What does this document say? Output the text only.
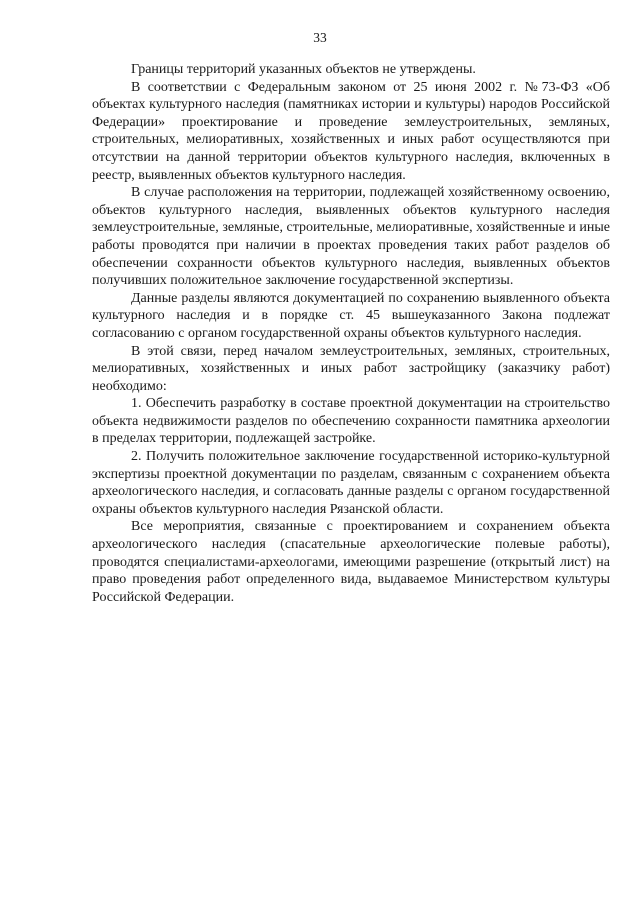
33

Границы территорий указанных объектов не утверждены.

В соответствии с Федеральным законом от 25 июня 2002 г. №73-ФЗ «Об объектах культурного наследия (памятниках истории и культуры) народов Российской Федерации» проектирование и проведение землеустроительных, земляных, строительных, мелиоративных, хозяйственных и иных работ осуществляются при отсутствии на данной территории объектов культурного наследия, включенных в реестр, выявленных объектов культурного наследия.

В случае расположения на территории, подлежащей хозяйственному освоению, объектов культурного наследия, выявленных объектов культурного наследия землеустроительные, земляные, строительные, мелиоративные, хозяйственные и иные работы проводятся при наличии в проектах проведения таких работ разделов об обеспечении сохранности объектов культурного наследия, выявленных объектов получивших положительное заключение государственной экспертизы.

Данные разделы являются документацией по сохранению выявленного объекта культурного наследия и в порядке ст. 45 вышеуказанного Закона подлежат согласованию с органом государственной охраны объектов культурного наследия.

В этой связи, перед началом землеустроительных, земляных, строительных, мелиоративных, хозяйственных и иных работ застройщику (заказчику работ) необходимо:

1. Обеспечить разработку в составе проектной документации на строительство объекта недвижимости разделов по обеспечению сохранности памятника археологии в пределах территории, подлежащей застройке.

2. Получить положительное заключение государственной историко-культурной экспертизы проектной документации по разделам, связанным с сохранением объекта археологического наследия, и согласовать данные разделы с органом государственной охраны объектов культурного наследия Рязанской области.

Все мероприятия, связанные с проектированием и сохранением объекта археологического наследия (спасательные археологические полевые работы), проводятся специалистами-археологами, имеющими разрешение (открытый лист) на право проведения работ определенного вида, выдаваемое Министерством культуры Российской Федерации.
